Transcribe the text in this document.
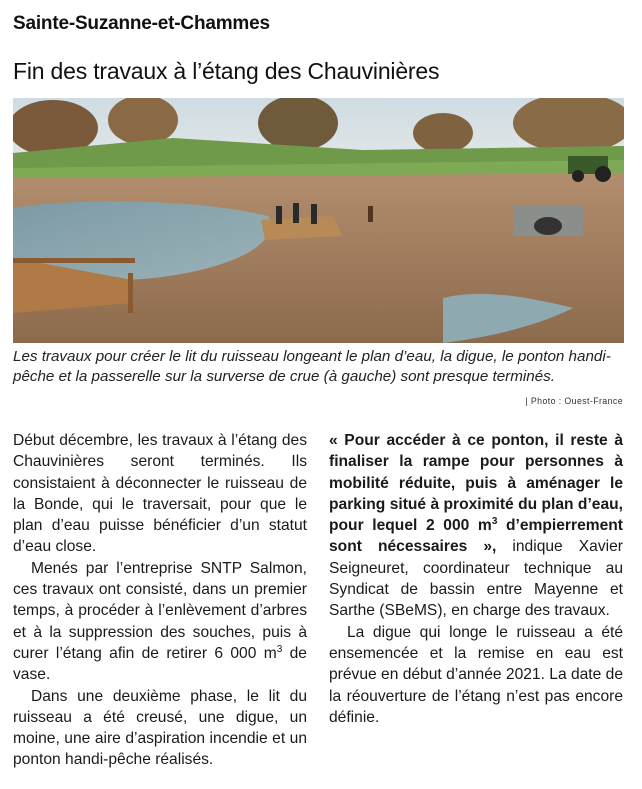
Sainte-Suzanne-et-Chammes
Fin des travaux à l’étang des Chauvinières
Les travaux pour créer le lit du ruisseau longeant le plan d’eau, la digue, le ponton handi-pêche et la passerelle sur la surverse de crue (à gauche) sont presque terminés.
| Photo : Ouest-France

Début décembre, les travaux à l’étang des Chauvinières seront terminés. Ils consistaient à déconnecter le ruisseau de la Bonde, qui le traversait, pour que le plan d’eau puisse bénéficier d’un statut d’eau close.

Menés par l’entreprise SNTP Salmon, ces travaux ont consisté, dans un premier temps, à procéder à l’enlèvement d’arbres et à la suppression des souches, puis à curer l’étang afin de retirer 6 000 $m^3$ de vase.

Dans une deuxième phase, le lit du ruisseau a été creusé, une digue, un moine, une aire d’aspiration incendie et un ponton handi-pêche réalisés.

« Pour accéder à ce ponton, il reste à finaliser la rampe pour personnes à mobilité réduite, puis à aménager le parking situé à proximité du plan d’eau, pour lequel 2 000 $m^3$ d’empierrement sont nécessaires », indique Xavier Seigneuret, coordinateur technique au Syndicat de bassin entre Mayenne et Sarthe (SBeMS), en charge des travaux.

La digue qui longe le ruisseau a été ensemencée et la remise en eau est prévue en début d’année 2021. La date de la réouverture de l’étang n’est pas encore définie.
